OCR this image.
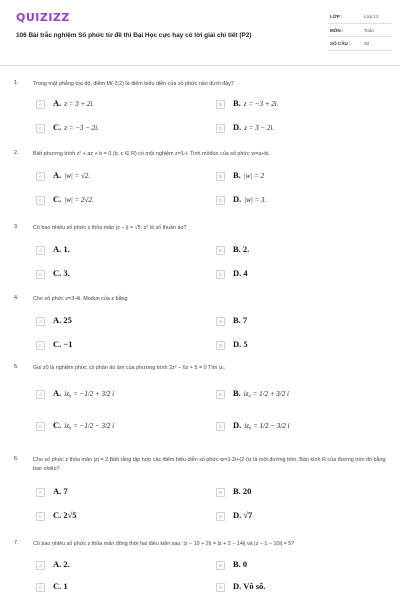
QUIZIZZ
106 Bài trắc nghiệm Số phức từ đề thi Đại Học cực hay có lời giải chi tiết (P2)
LỚP :	Lớp 12
MÔN :	Toán
SỐ CÂU :	30
1.	Trong mặt phẳng tọa độ, điểm M(-3;2) là điểm biểu diễn của số phức nào dưới đây?
A	A. z = 3 + 2i.	B	B. z = −3 + 2i.
C	C. z = −3 − 2i.	D	D. z = 3 − 2i.
2.	Biết phương trình z² + az + b = 0 (b, c ∈ R) có một nghiệm z=1-i. Tính môđun của số phức w=a+bi.
A	A. |w| = √2.	B	B. |w| = 2
C	C. |w| = 2√2.	D	D. |w| = 3.
3.	Có bao nhiêu số phức z thỏa mãn |z − i| = √5; z² là số thuần ảo?
A	A. 1.	B	B. 2.
C	C. 3.	D	D. 4
4.	Cho số phức z=3-4i. Modun của z bằng
A	A. 25	B	B. 7
C	C. −1	D	D. 5
5.	Gọi z0 là nghiệm phức có phần ảo âm của phương trình 2z² − 6z + 5 = 0 Tìm iz₀
A	A. iz₀ = −1/2 + 3/2 i	B	B. iz₀ = 1/2 + 3/2 i
C	C. iz₀ = −1/2 − 3/2 i	D	D. iz₀ = 1/2 − 3/2 i
6.	Cho số phức z thỏa mãn |z| = 2 Biết rằng tập hợp các điểm biểu diễn số phức w=3-2i+(2-i)z là một đường tròn. Bán kính R của đường tròn đó bằng bao nhiêu?
A	A. 7	B	B. 20
C	C. 2√5	D	D. √7
7.	Có bao nhiêu số phức z thỏa mãn đồng thời hai điều kiện sau: |z − 10 + 2i| = |z + 2 − 14i| và |z − 1 − 10i| = 5?
A	A. 2.	B	B. 0
C	C. 1	D	D. Vô số.
